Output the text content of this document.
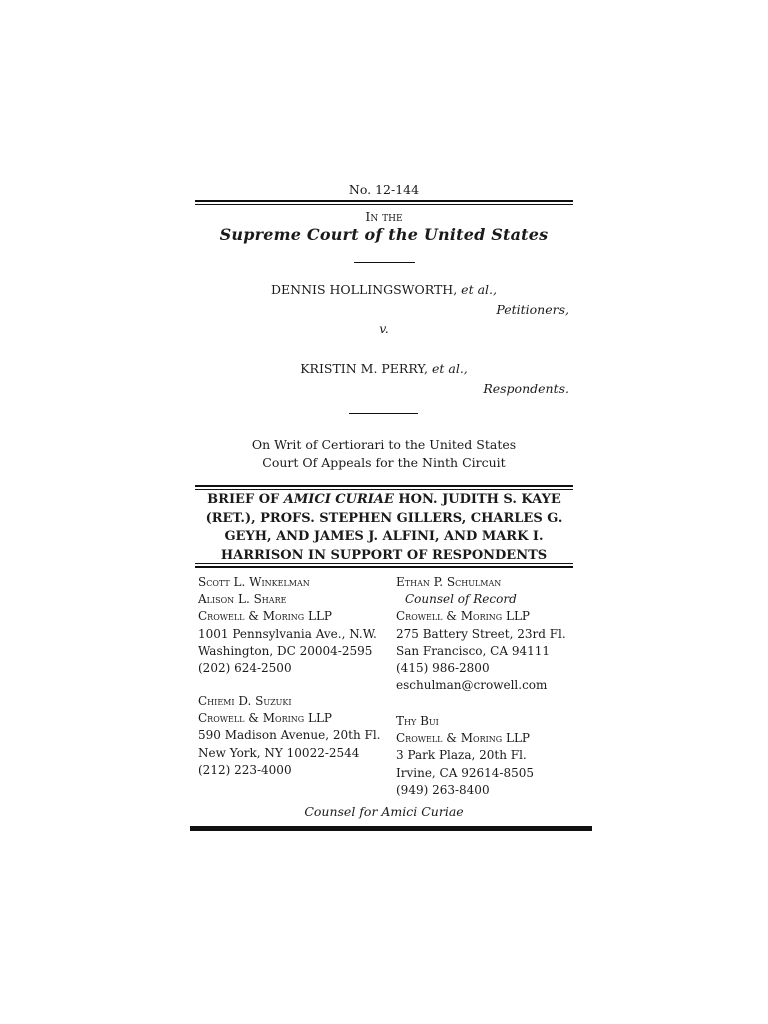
No. 12-144
In the
Supreme Court of the United States
DENNIS HOLLINGSWORTH, et al.,
Petitioners,
v.
KRISTIN M. PERRY, et al.,
Respondents.
On Writ of Certiorari to the United States
Court Of Appeals for the Ninth Circuit
BRIEF OF AMICI CURIAE HON. JUDITH S. KAYE (RET.), PROFS. STEPHEN GILLERS, CHARLES G. GEYH, AND JAMES J. ALFINI, AND MARK I. HARRISON IN SUPPORT OF RESPONDENTS
Scott L. Winkelman
Alison L. Share
Crowell & Moring LLP
1001 Pennsylvania Ave., N.W.
Washington, DC 20004-2595
(202) 624-2500
Chiemi D. Suzuki
Crowell & Moring LLP
590 Madison Avenue, 20th Fl.
New York, NY 10022-2544
(212) 223-4000
Ethan P. Schulman
Counsel of Record
Crowell & Moring LLP
275 Battery Street, 23rd Fl.
San Francisco, CA 94111
(415) 986-2800
eschulman@crowell.com
Thy Bui
Crowell & Moring LLP
3 Park Plaza, 20th Fl.
Irvine, CA 92614-8505
(949) 263-8400
Counsel for Amici Curiae
